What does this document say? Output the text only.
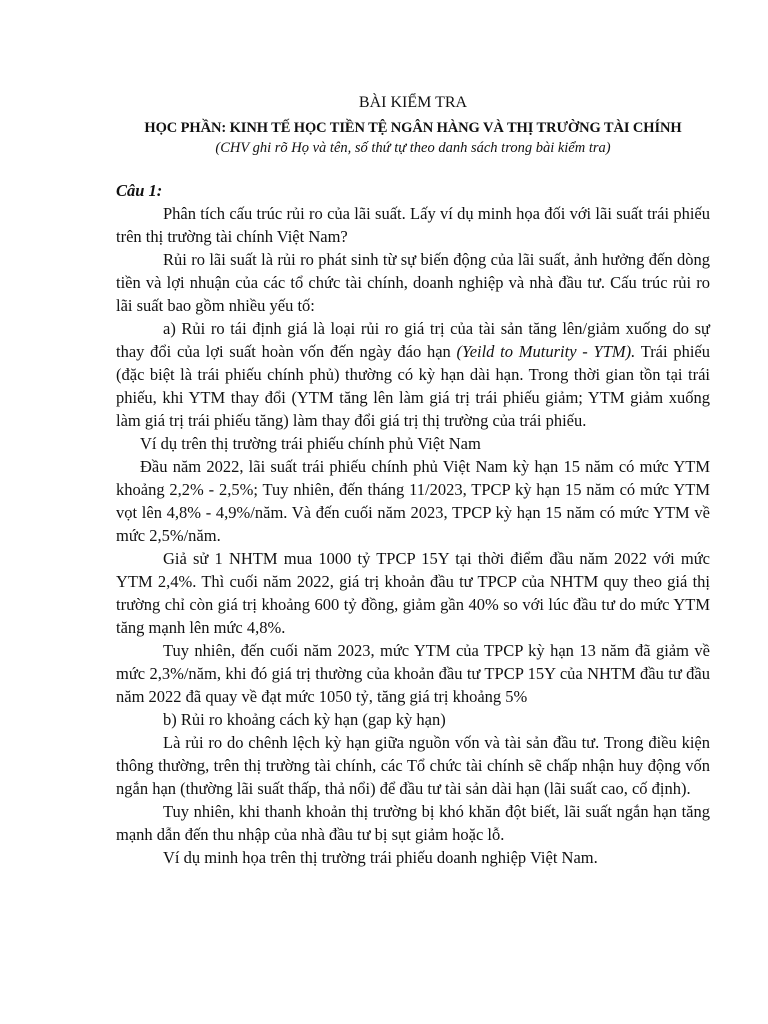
BÀI KIỂM TRA

HỌC PHẦN: KINH TẾ HỌC TIỀN TỆ NGÂN HÀNG VÀ THỊ TRƯỜNG TÀI CHÍNH

(CHV ghi rõ Họ và tên, số thứ tự theo danh sách trong bài kiểm tra)

Câu 1:

Phân tích cấu trúc rủi ro của lãi suất. Lấy ví dụ minh họa đối với lãi suất trái phiếu trên thị trường tài chính Việt Nam?

Rủi ro lãi suất là rủi ro phát sinh từ sự biến động của lãi suất, ảnh hưởng đến dòng tiền và lợi nhuận của các tổ chức tài chính, doanh nghiệp và nhà đầu tư. Cấu trúc rủi ro lãi suất bao gồm nhiều yếu tố:

a) Rủi ro tái định giá là loại rủi ro giá trị của tài sản tăng lên/giảm xuống do sự thay đổi của lợi suất hoàn vốn đến ngày đáo hạn (Yeild to Muturity - YTM). Trái phiếu (đặc biệt là trái phiếu chính phủ) thường có kỳ hạn dài hạn. Trong thời gian tồn tại trái phiếu, khi YTM thay đổi (YTM tăng lên làm giá trị trái phiếu giảm; YTM giảm xuống làm giá trị trái phiếu tăng) làm thay đổi giá trị thị trường của trái phiếu.

Ví dụ trên thị trường trái phiếu chính phủ Việt Nam

Đầu năm 2022, lãi suất trái phiếu chính phủ Việt Nam kỳ hạn 15 năm có mức YTM khoảng 2,2% - 2,5%; Tuy nhiên, đến tháng 11/2023, TPCP kỳ hạn 15 năm có mức YTM vọt lên 4,8% - 4,9%/năm. Và đến cuối năm 2023, TPCP kỳ hạn 15 năm có mức YTM về mức 2,5%/năm.

Giả sử 1 NHTM mua 1000 tỷ TPCP 15Y tại thời điểm đầu năm 2022 với mức YTM 2,4%. Thì cuối năm 2022, giá trị khoản đầu tư TPCP của NHTM quy theo giá thị trường chỉ còn giá trị khoảng 600 tỷ đồng, giảm gần 40% so với lúc đầu tư do mức YTM tăng mạnh lên mức 4,8%.

Tuy nhiên, đến cuối năm 2023, mức YTM của TPCP kỳ hạn 13 năm đã giảm về mức 2,3%/năm, khi đó giá trị thường của khoản đầu tư TPCP 15Y của NHTM đầu tư đầu năm 2022 đã quay về đạt mức 1050 tỷ, tăng giá trị khoảng 5%

b) Rủi ro khoảng cách kỳ hạn (gap kỳ hạn)

Là rủi ro do chênh lệch kỳ hạn giữa nguồn vốn và tài sản đầu tư. Trong điều kiện thông thường, trên thị trường tài chính, các Tổ chức tài chính sẽ chấp nhận huy động vốn ngắn hạn (thường lãi suất thấp, thả nổi) để đầu tư tài sản dài hạn (lãi suất cao, cố định).

Tuy nhiên, khi thanh khoản thị trường bị khó khăn đột biết, lãi suất ngắn hạn tăng mạnh dẫn đến thu nhập của nhà đầu tư bị sụt giảm hoặc lỗ.

Ví dụ minh họa trên thị trường trái phiếu doanh nghiệp Việt Nam.
